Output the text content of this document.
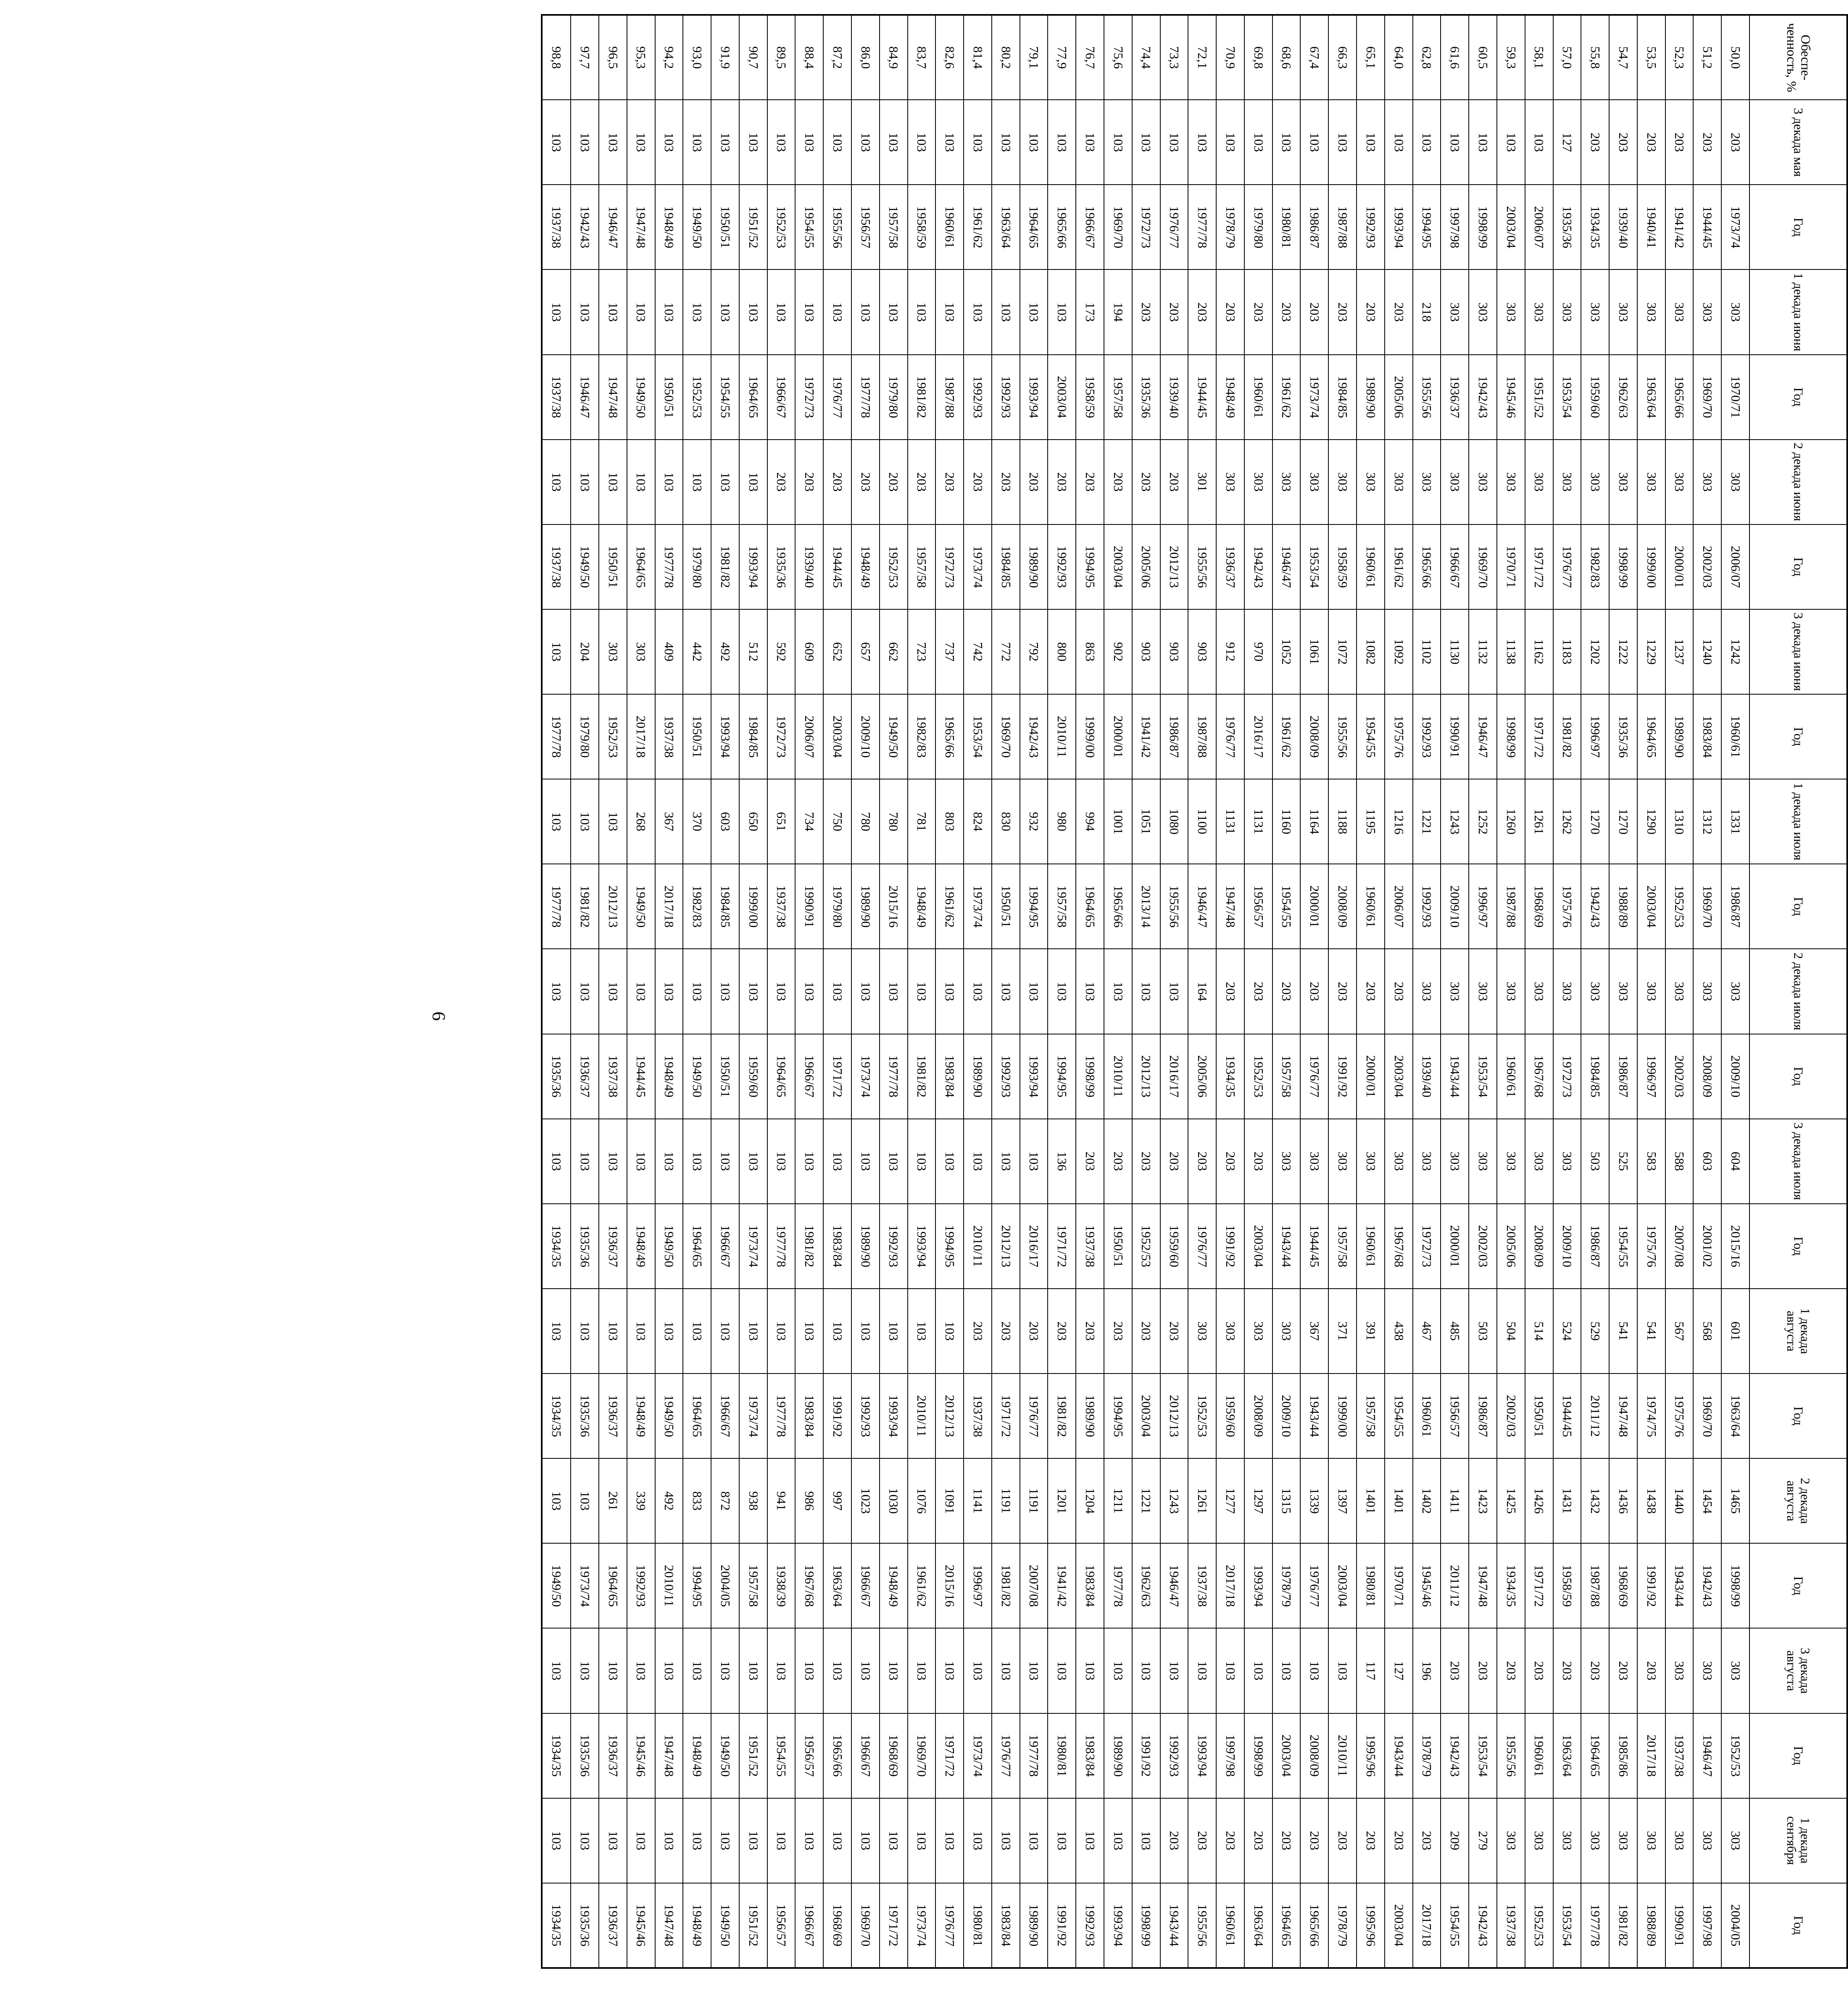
6
Обеспе-ченность, %	3 декада мая	Год	1 декада июня	Год	2 декада июня	Год	3 декада июня	Год	1 декада июля	Год	2 декада июля	Год	3 декада июля	Год	1 декада августа	Год	2 декада августа	Год	3 декада августа	Год	1 декада сентября	Год
50,0	203	1973/74	303	1970/71	303	2006/07	1242	1960/61	1331	1986/87	303	2009/10	604	2015/16	601	1963/64	1465	1998/99	303	1952/53	303	2004/05
51,2	203	1944/45	303	1969/70	303	2002/03	1240	1983/84	1312	1969/70	303	2008/09	603	2001/02	568	1969/70	1454	1942/43	303	1946/47	303	1997/98
52,3	203	1941/42	303	1965/66	303	2000/01	1237	1989/90	1310	1952/53	303	2002/03	588	2007/08	567	1975/76	1440	1943/44	303	1937/38	303	1990/91
53,5	203	1940/41	303	1963/64	303	1999/00	1229	1964/65	1290	2003/04	303	1996/97	583	1975/76	541	1974/75	1438	1991/92	203	2017/18	303	1988/89
54,7	203	1939/40	303	1962/63	303	1998/99	1222	1935/36	1270	1988/89	303	1986/87	525	1954/55	541	1947/48	1436	1968/69	203	1985/86	303	1981/82
55,8	203	1934/35	303	1959/60	303	1982/83	1202	1996/97	1270	1942/43	303	1984/85	503	1986/87	529	2011/12	1432	1987/88	203	1964/65	303	1977/78
57,0	127	1935/36	303	1953/54	303	1976/77	1183	1981/82	1262	1975/76	303	1972/73	303	2009/10	524	1944/45	1431	1958/59	203	1963/64	303	1953/54
58,1	103	2006/07	303	1951/52	303	1971/72	1162	1971/72	1261	1968/69	303	1967/68	303	2008/09	514	1950/51	1426	1971/72	203	1960/61	303	1952/53
59,3	103	2003/04	303	1945/46	303	1970/71	1138	1998/99	1260	1987/88	303	1960/61	303	2005/06	504	2002/03	1425	1934/35	203	1955/56	303	1937/38
60,5	103	1998/99	303	1942/43	303	1969/70	1132	1946/47	1252	1996/97	303	1953/54	303	2002/03	503	1986/87	1423	1947/48	203	1953/54	279	1942/43
61,6	103	1997/98	303	1936/37	303	1966/67	1130	1990/91	1243	2009/10	303	1943/44	303	2000/01	485	1956/57	1411	2011/12	203	1942/43	209	1954/55
62,8	103	1994/95	218	1955/56	303	1965/66	1102	1992/93	1221	1992/93	303	1939/40	303	1972/73	467	1960/61	1402	1945/46	196	1978/79	203	2017/18
64,0	103	1993/94	203	2005/06	303	1961/62	1092	1975/76	1216	2006/07	203	2003/04	303	1967/68	438	1954/55	1401	1970/71	127	1943/44	203	2003/04
65,1	103	1992/93	203	1989/90	303	1960/61	1082	1954/55	1195	1960/61	203	2000/01	303	1960/61	391	1957/58	1401	1980/81	117	1995/96	203	1995/96
66,3	103	1987/88	203	1984/85	303	1958/59	1072	1955/56	1188	2008/09	203	1991/92	303	1957/58	371	1999/00	1397	2003/04	103	2010/11	203	1978/79
67,4	103	1986/87	203	1973/74	303	1953/54	1061	2008/09	1164	2000/01	203	1976/77	303	1944/45	367	1943/44	1339	1976/77	103	2008/09	203	1965/66
68,6	103	1980/81	203	1961/62	303	1946/47	1052	1961/62	1160	1954/55	203	1957/58	303	1943/44	303	2009/10	1315	1978/79	103	2003/04	203	1964/65
69,8	103	1979/80	203	1960/61	303	1942/43	970	2016/17	1131	1956/57	203	1952/53	203	2003/04	303	2008/09	1297	1993/94	103	1998/99	203	1963/64
70,9	103	1978/79	203	1948/49	303	1936/37	912	1976/77	1131	1947/48	203	1934/35	203	1991/92	303	1959/60	1277	2017/18	103	1997/98	203	1960/61
72,1	103	1977/78	203	1944/45	301	1955/56	903	1987/88	1100	1946/47	164	2005/06	203	1976/77	303	1952/53	1261	1937/38	103	1993/94	203	1955/56
73,3	103	1976/77	203	1939/40	203	2012/13	903	1986/87	1080	1955/56	103	2016/17	203	1959/60	203	2012/13	1243	1946/47	103	1992/93	203	1943/44
74,4	103	1972/73	203	1935/36	203	2005/06	903	1941/42	1051	2013/14	103	2012/13	203	1952/53	203	2003/04	1221	1962/63	103	1991/92	103	1998/99
75,6	103	1969/70	194	1957/58	203	2003/04	902	2000/01	1001	1965/66	103	2010/11	203	1950/51	203	1994/95	1211	1977/78	103	1989/90	103	1993/94
76,7	103	1966/67	173	1958/59	203	1994/95	863	1999/00	994	1964/65	103	1998/99	203	1937/38	203	1989/90	1204	1983/84	103	1983/84	103	1992/93
77,9	103	1965/66	103	2003/04	203	1992/93	800	2010/11	980	1957/58	103	1994/95	136	1971/72	203	1981/82	1201	1941/42	103	1980/81	103	1991/92
79,1	103	1964/65	103	1993/94	203	1989/90	792	1942/43	932	1994/95	103	1993/94	103	2016/17	203	1976/77	1191	2007/08	103	1977/78	103	1989/90
80,2	103	1963/64	103	1992/93	203	1984/85	772	1969/70	830	1950/51	103	1992/93	103	2012/13	203	1971/72	1191	1981/82	103	1976/77	103	1983/84
81,4	103	1961/62	103	1992/93	203	1973/74	742	1953/54	824	1973/74	103	1989/90	103	2010/11	203	1937/38	1141	1996/97	103	1973/74	103	1980/81
82,6	103	1960/61	103	1987/88	203	1972/73	737	1965/66	803	1961/62	103	1983/84	103	1994/95	103	2012/13	1091	2015/16	103	1971/72	103	1976/77
83,7	103	1958/59	103	1981/82	203	1957/58	723	1982/83	781	1948/49	103	1981/82	103	1993/94	103	2010/11	1076	1961/62	103	1969/70	103	1973/74
84,9	103	1957/58	103	1979/80	203	1952/53	662	1949/50	780	2015/16	103	1977/78	103	1992/93	103	1993/94	1030	1948/49	103	1968/69	103	1971/72
86,0	103	1956/57	103	1977/78	203	1948/49	657	2009/10	780	1989/90	103	1973/74	103	1989/90	103	1992/93	1023	1966/67	103	1966/67	103	1969/70
87,2	103	1955/56	103	1976/77	203	1944/45	652	2003/04	750	1979/80	103	1971/72	103	1983/84	103	1991/92	997	1963/64	103	1965/66	103	1968/69
88,4	103	1954/55	103	1972/73	203	1939/40	609	2006/07	734	1990/91	103	1966/67	103	1981/82	103	1983/84	986	1967/68	103	1956/57	103	1966/67
89,5	103	1952/53	103	1966/67	203	1935/36	592	1972/73	651	1937/38	103	1964/65	103	1977/78	103	1977/78	941	1938/39	103	1954/55	103	1956/57
90,7	103	1951/52	103	1964/65	103	1993/94	512	1984/85	650	1999/00	103	1959/60	103	1973/74	103	1973/74	938	1957/58	103	1951/52	103	1951/52
91,9	103	1950/51	103	1954/55	103	1981/82	492	1993/94	603	1984/85	103	1950/51	103	1966/67	103	1966/67	872	2004/05	103	1949/50	103	1949/50
93,0	103	1949/50	103	1952/53	103	1979/80	442	1950/51	370	1982/83	103	1949/50	103	1964/65	103	1964/65	833	1994/95	103	1948/49	103	1948/49
94,2	103	1948/49	103	1950/51	103	1977/78	409	1937/38	367	2017/18	103	1948/49	103	1949/50	103	1949/50	492	2010/11	103	1947/48	103	1947/48
95,3	103	1947/48	103	1949/50	103	1964/65	303	2017/18	268	1949/50	103	1944/45	103	1948/49	103	1948/49	339	1992/93	103	1945/46	103	1945/46
96,5	103	1946/47	103	1947/48	103	1950/51	303	1952/53	103	2012/13	103	1937/38	103	1936/37	103	1936/37	261	1964/65	103	1936/37	103	1936/37
97,7	103	1942/43	103	1946/47	103	1949/50	204	1979/80	103	1981/82	103	1936/37	103	1935/36	103	1935/36	103	1973/74	103	1935/36	103	1935/36
98,8	103	1937/38	103	1937/38	103	1937/38	103	1977/78	103	1977/78	103	1935/36	103	1934/35	103	1934/35	103	1949/50	103	1934/35	103	1934/35
